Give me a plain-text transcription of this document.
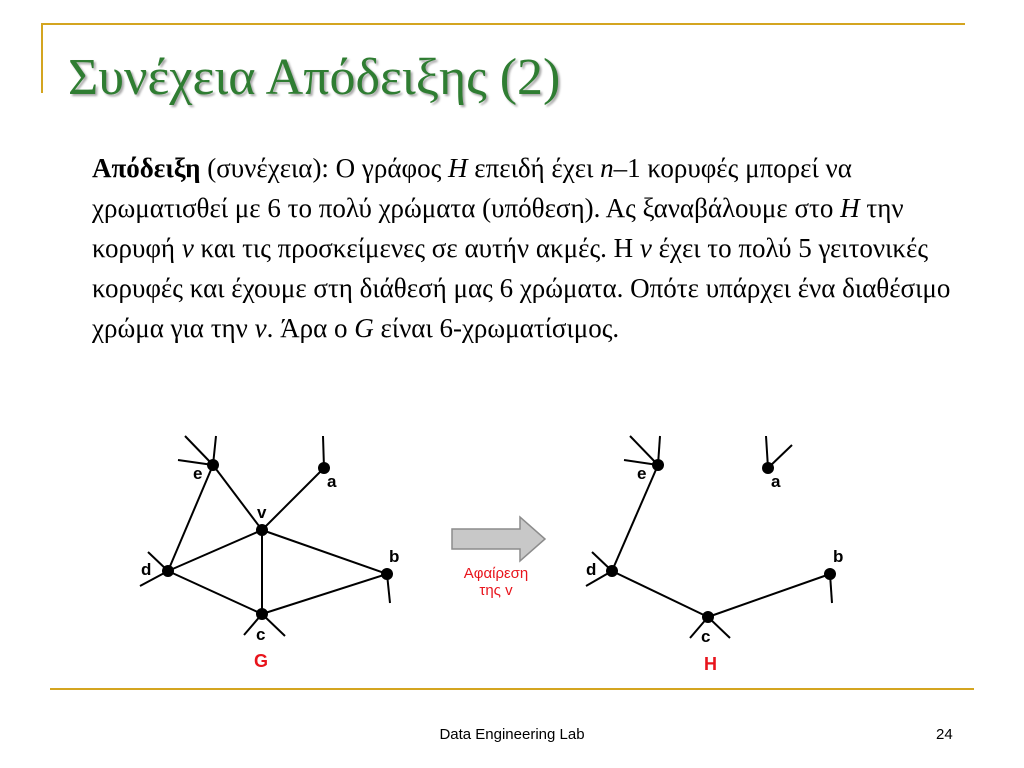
Συνέχεια Απόδειξης (2)

Απόδειξη (συνέχεια): Ο γράφος H επειδή έχει n–1 κορυφές μπορεί να χρωματισθεί με 6 το πολύ χρώματα (υπόθεση). Ας ξαναβάλουμε στο H την κορυφή v και τις προσκείμενες σε αυτήν ακμές. Η v έχει το πολύ 5 γειτονικές κορυφές και έχουμε στη διάθεσή μας 6 χρώματα. Οπότε υπάρχει ένα διαθέσιμο χρώμα για την v. Άρα ο G είναι 6-χρωματίσιμος.

e	a
v
b
d
c
G
Αφαίρεση
της v
e	a
b
d
c
H
Data Engineering Lab	24
